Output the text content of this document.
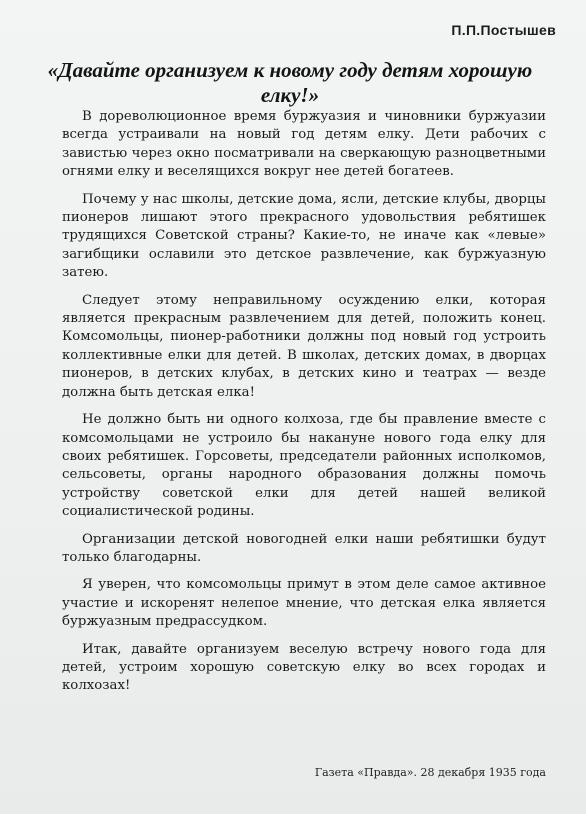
П.П.Постышев
«Давайте организуем к новому году детям хорошую елку!»

В дореволюционное время буржуазия и чиновники буржуазии всегда устраивали на новый год детям елку. Дети рабочих с завистью через окно посматривали на сверкающую разноцветными огнями елку и веселящихся вокруг нее детей богатеев.

Почему у нас школы, детские дома, ясли, детские клубы, дворцы пионеров лишают этого прекрасного удовольствия ребятишек трудящихся Советской страны? Какие-то, не иначе как «левые» загибщики ославили это детское развлечение, как буржуазную затею.

Следует этому неправильному осуждению елки, которая является прекрасным развлечением для детей, положить конец. Комсомольцы, пионер-работники должны под новый год устроить коллективные елки для детей. В школах, детских домах, в дворцах пионеров, в детских клубах, в детских кино и театрах — везде должна быть детская елка!

Не должно быть ни одного колхоза, где бы правление вместе с комсомольцами не устроило бы накануне нового года елку для своих ребятишек. Горсоветы, председатели районных исполкомов, сельсоветы, органы народного образования должны помочь устройству советской елки для детей нашей великой социалистической родины.

Организации детской новогодней елки наши ребятишки будут только благодарны.

Я уверен, что комсомольцы примут в этом деле самое активное участие и искоренят нелепое мнение, что детская елка является буржуазным предрассудком.

Итак, давайте организуем веселую встречу нового года для детей, устроим хорошую советскую елку во всех городах и колхозах!

Газета «Правда». 28 декабря 1935 года
